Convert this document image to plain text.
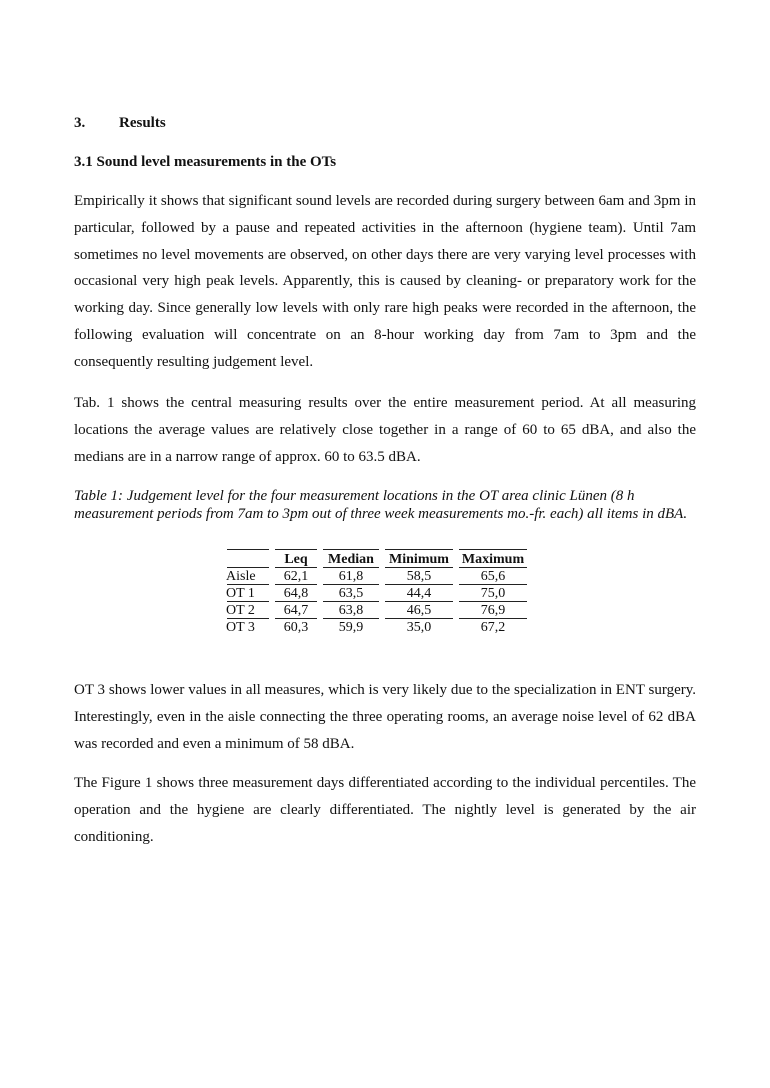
3. Results
3.1 Sound level measurements in the OTs

Empirically it shows that significant sound levels are recorded during surgery between 6am and 3pm in particular, followed by a pause and repeated activities in the afternoon (hygiene team). Until 7am sometimes no level movements are observed, on other days there are very varying level processes with occasional very high peak levels. Apparently, this is caused by cleaning- or preparatory work for the working day. Since generally low levels with only rare high peaks were recorded in the afternoon, the following evaluation will concentrate on an 8-hour working day from 7am to 3pm and the consequently resulting judgement level.

Tab. 1 shows the central measuring results over the entire measurement period. At all measuring locations the average values are relatively close together in a range of 60 to 65 dBA, and also the medians are in a narrow range of approx. 60 to 63.5 dBA.

Table 1: Judgement level for the four measurement locations in the OT area clinic Lünen (8 h measurement periods from 7am to 3pm out of three week measurements mo.-fr. each) all items in dBA.

	Leq	Median	Minimum	Maximum
Aisle	62,1	61,8	58,5	65,6
OT 1	64,8	63,5	44,4	75,0
OT 2	64,7	63,8	46,5	76,9
OT 3	60,3	59,9	35,0	67,2

OT 3 shows lower values in all measures, which is very likely due to the specialization in ENT surgery. Interestingly, even in the aisle connecting the three operating rooms, an average noise level of 62 dBA was recorded and even a minimum of 58 dBA.

The Figure 1 shows three measurement days differentiated according to the individual percentiles. The operation and the hygiene are clearly differentiated. The nightly level is generated by the air conditioning.
